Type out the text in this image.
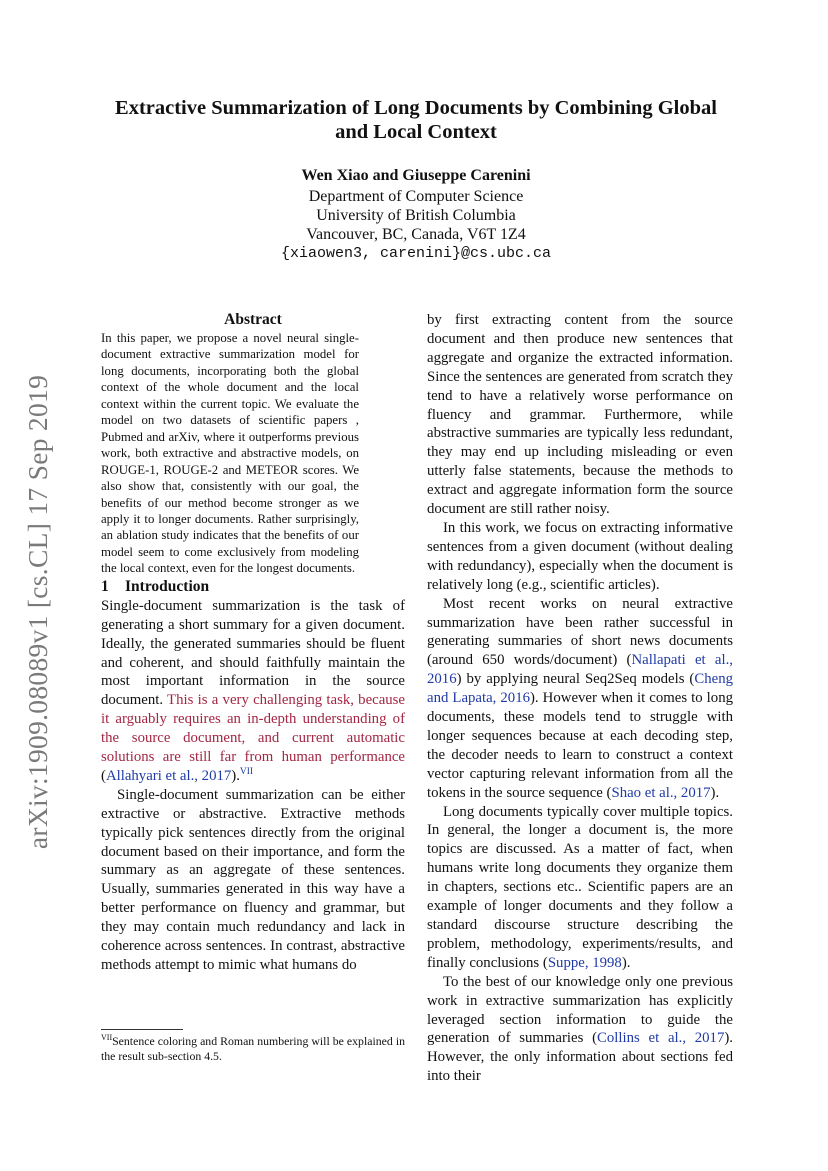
arXiv:1909.08089v1 [cs.CL] 17 Sep 2019
Extractive Summarization of Long Documents by Combining Global and Local Context

Wen Xiao and Giuseppe Carenini

Department of Computer Science

University of British Columbia

Vancouver, BC, Canada, V6T 1Z4

{xiaowen3, carenini}@cs.ubc.ca

Abstract

In this paper, we propose a novel neural single-document extractive summarization model for long documents, incorporating both the global context of the whole document and the local context within the current topic. We evaluate the model on two datasets of scientific papers , Pubmed and arXiv, where it outperforms previous work, both extractive and abstractive models, on ROUGE-1, ROUGE-2 and METEOR scores. We also show that, consistently with our goal, the benefits of our method become stronger as we apply it to longer documents. Rather surprisingly, an ablation study indicates that the benefits of our model seem to come exclusively from modeling the local context, even for the longest documents.

1 Introduction

Single-document summarization is the task of generating a short summary for a given document. Ideally, the generated summaries should be fluent and coherent, and should faithfully maintain the most important information in the source document. This is a very challenging task, because it arguably requires an in-depth understanding of the source document, and current automatic solutions are still far from human performance (Allahyari et al., 2017).$^{VII}$

Single-document summarization can be either extractive or abstractive. Extractive methods typically pick sentences directly from the original document based on their importance, and form the summary as an aggregate of these sentences. Usually, summaries generated in this way have a better performance on fluency and grammar, but they may contain much redundancy and lack in coherence across sentences. In contrast, abstractive methods attempt to mimic what humans do

$^{VII}$Sentence coloring and Roman numbering will be explained in the result sub-section 4.5.

by first extracting content from the source document and then produce new sentences that aggregate and organize the extracted information. Since the sentences are generated from scratch they tend to have a relatively worse performance on fluency and grammar. Furthermore, while abstractive summaries are typically less redundant, they may end up including misleading or even utterly false statements, because the methods to extract and aggregate information form the source document are still rather noisy.

In this work, we focus on extracting informative sentences from a given document (without dealing with redundancy), especially when the document is relatively long (e.g., scientific articles).

Most recent works on neural extractive summarization have been rather successful in generating summaries of short news documents (around 650 words/document) (Nallapati et al., 2016) by applying neural Seq2Seq models (Cheng and Lapata, 2016). However when it comes to long documents, these models tend to struggle with longer sequences because at each decoding step, the decoder needs to learn to construct a context vector capturing relevant information from all the tokens in the source sequence (Shao et al., 2017).

Long documents typically cover multiple topics. In general, the longer a document is, the more topics are discussed. As a matter of fact, when humans write long documents they organize them in chapters, sections etc.. Scientific papers are an example of longer documents and they follow a standard discourse structure describing the problem, methodology, experiments/results, and finally conclusions (Suppe, 1998).

To the best of our knowledge only one previous work in extractive summarization has explicitly leveraged section information to guide the generation of summaries (Collins et al., 2017). However, the only information about sections fed into their
